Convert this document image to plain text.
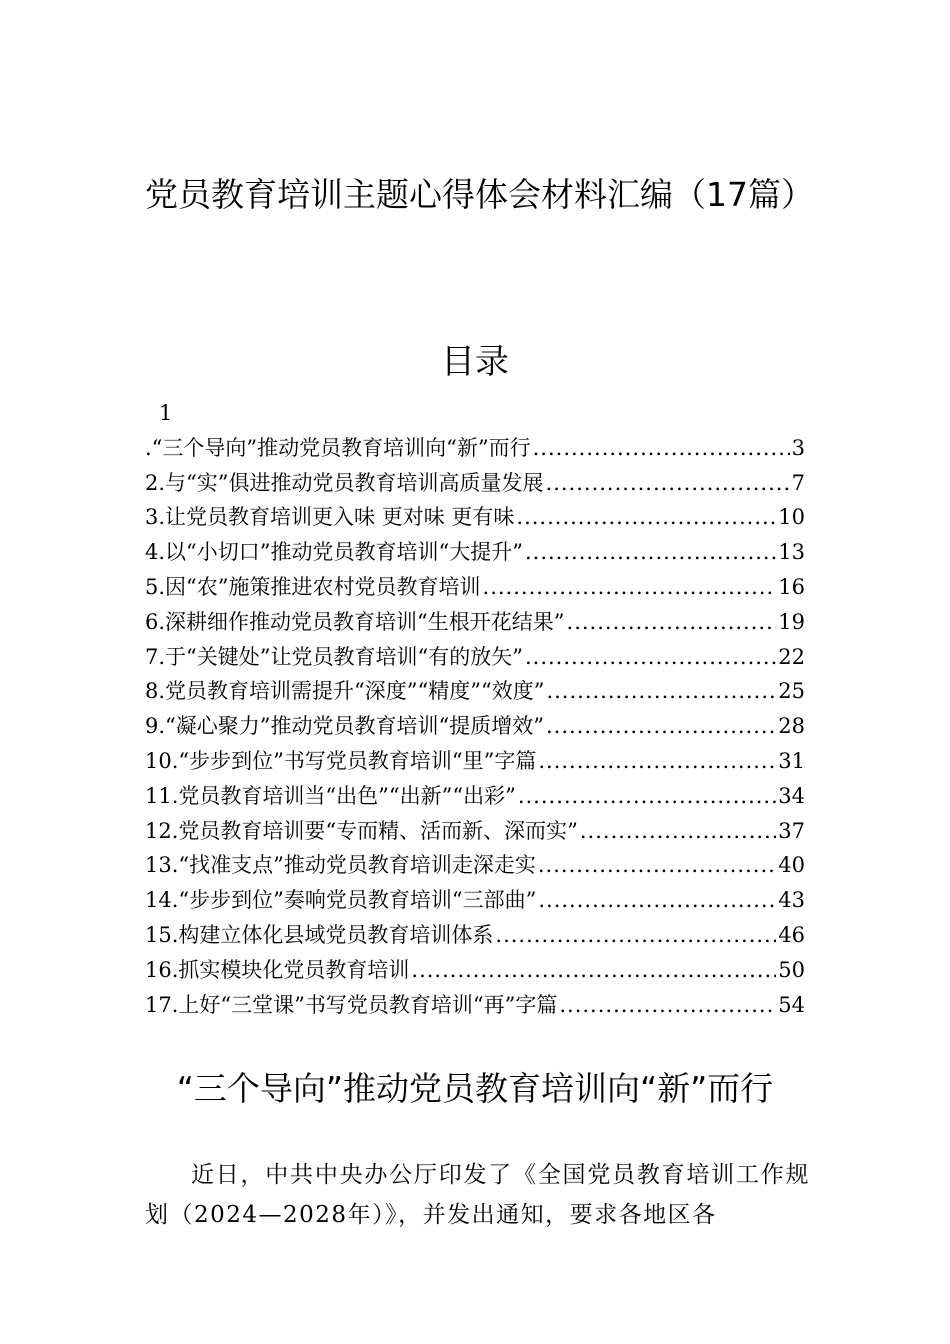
党员教育培训主题心得体会材料汇编（17篇）
目录
1
.“三个导向”推动党员教育培训向“新”而行 .....	3
2.与“实”俱进推动党员教育培训高质量发展 .....	7
3.让党员教育培训更入味 更对味 更有味 .....	10
4.以“小切口”推动党员教育培训“大提升” .....	13
5.因“农”施策推进农村党员教育培训 .....	16
6.深耕细作推动党员教育培训“生根开花结果” .....	19
7.于“关键处”让党员教育培训“有的放矢” .....	22
8.党员教育培训需提升“深度”“精度”“效度” .....	25
9.“凝心聚力”推动党员教育培训“提质增效” .....	28
10.“步步到位”书写党员教育培训“里”字篇 .....	31
11.党员教育培训当“出色”“出新”“出彩” .....	34
12.党员教育培训要“专而精、活而新、深而实” .....	37
13.“找准支点”推动党员教育培训走深走实 .....	40
14.“步步到位”奏响党员教育培训“三部曲” .....	43
15.构建立体化县域党员教育培训体系 .....	46
16.抓实模块化党员教育培训 .....	50
17.上好“三堂课”书写党员教育培训“再”字篇 .....	54
“三个导向”推动党员教育培训向“新”而行
近日，中共中央办公厅印发了《全国党员教育培训工作规划（2024—2028年）》，并发出通知，要求各地区各
